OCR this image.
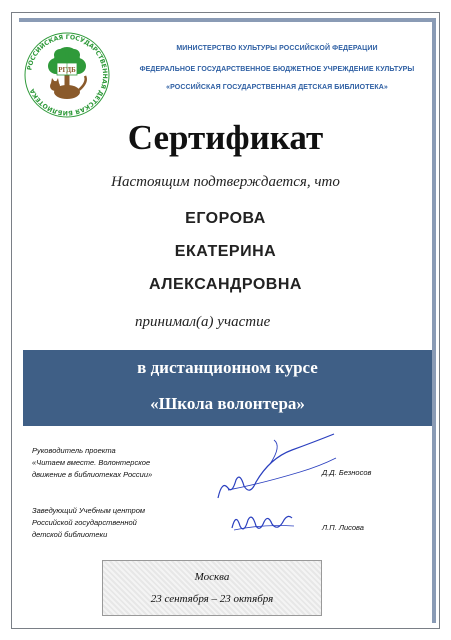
РОССИЙСКАЯ ГОСУДАРСТВЕННАЯ ДЕТСКАЯ БИБЛИОТЕКА
РГДБ
МИНИСТЕРСТВО КУЛЬТУРЫ РОССИЙСКОЙ ФЕДЕРАЦИИ
ФЕДЕРАЛЬНОЕ ГОСУДАРСТВЕННОЕ БЮДЖЕТНОЕ УЧРЕЖДЕНИЕ КУЛЬТУРЫ
«РОССИЙСКАЯ ГОСУДАРСТВЕННАЯ ДЕТСКАЯ БИБЛИОТЕКА»
Сертификат
Настоящим подтверждается, что
ЕГОРОВА
ЕКАТЕРИНА
АЛЕКСАНДРОВНА
принимал(а) участие
в дистанционном курсе
«Школа волонтера»
Руководитель проекта
«Читаем вместе. Волонтерское
движение в библиотеках России»	Д.Д. Безносов
Заведующий Учебным центром
Российской государственной
детской библиотеки
Л.П. Лисова
Москва
23 сентября – 23 октября
